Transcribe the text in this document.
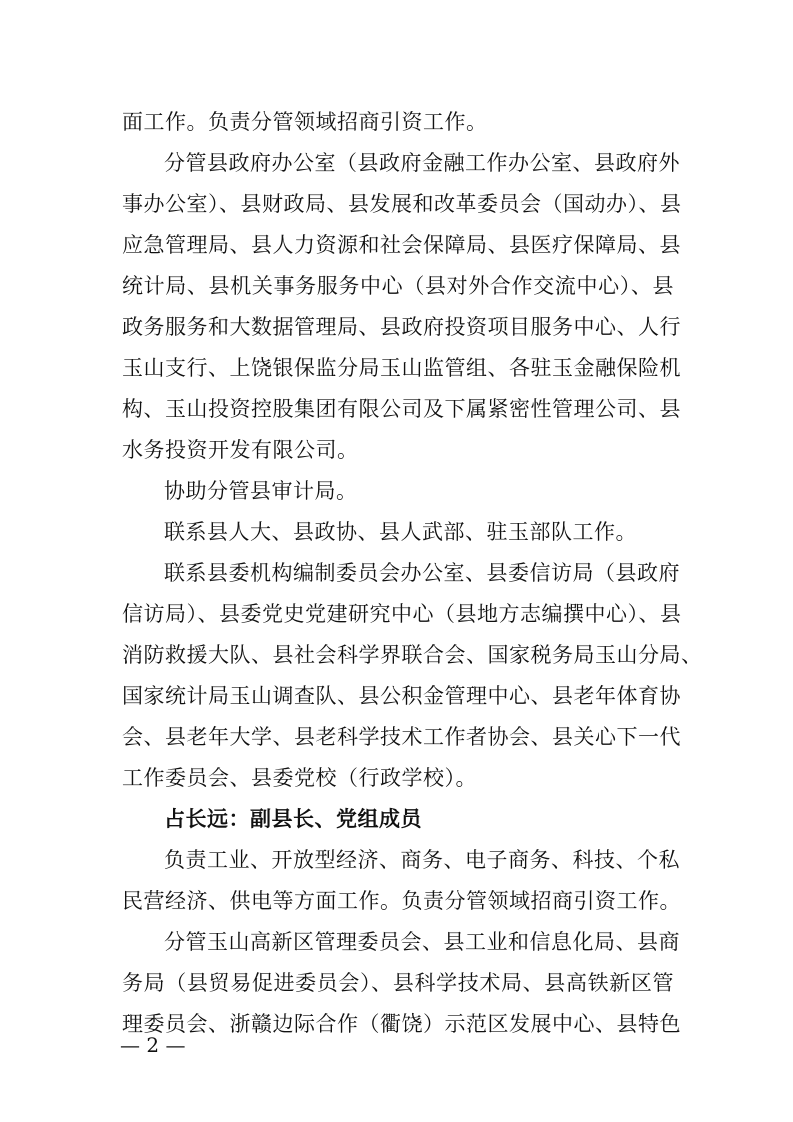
面工作。负责分管领域招商引资工作。
分管县政府办公室（县政府金融工作办公室、县政府外
事办公室）、县财政局、县发展和改革委员会（国动办）、县
应急管理局、县人力资源和社会保障局、县医疗保障局、县
统计局、县机关事务服务中心（县对外合作交流中心）、县
政务服务和大数据管理局、县政府投资项目服务中心、人行
玉山支行、上饶银保监分局玉山监管组、各驻玉金融保险机
构、玉山投资控股集团有限公司及下属紧密性管理公司、县
水务投资开发有限公司。
协助分管县审计局。
联系县人大、县政协、县人武部、驻玉部队工作。
联系县委机构编制委员会办公室、县委信访局（县政府
信访局）、县委党史党建研究中心（县地方志编撰中心）、县
消防救援大队、县社会科学界联合会、国家税务局玉山分局、
国家统计局玉山调查队、县公积金管理中心、县老年体育协
会、县老年大学、县老科学技术工作者协会、县关心下一代
工作委员会、县委党校（行政学校）。
占长远：副县长、党组成员
负责工业、开放型经济、商务、电子商务、科技、个私
民营经济、供电等方面工作。负责分管领域招商引资工作。
分管玉山高新区管理委员会、县工业和信息化局、县商
务局（县贸易促进委员会）、县科学技术局、县高铁新区管
理委员会、浙赣边际合作（衢饶）示范区发展中心、县特色
— 2 —
